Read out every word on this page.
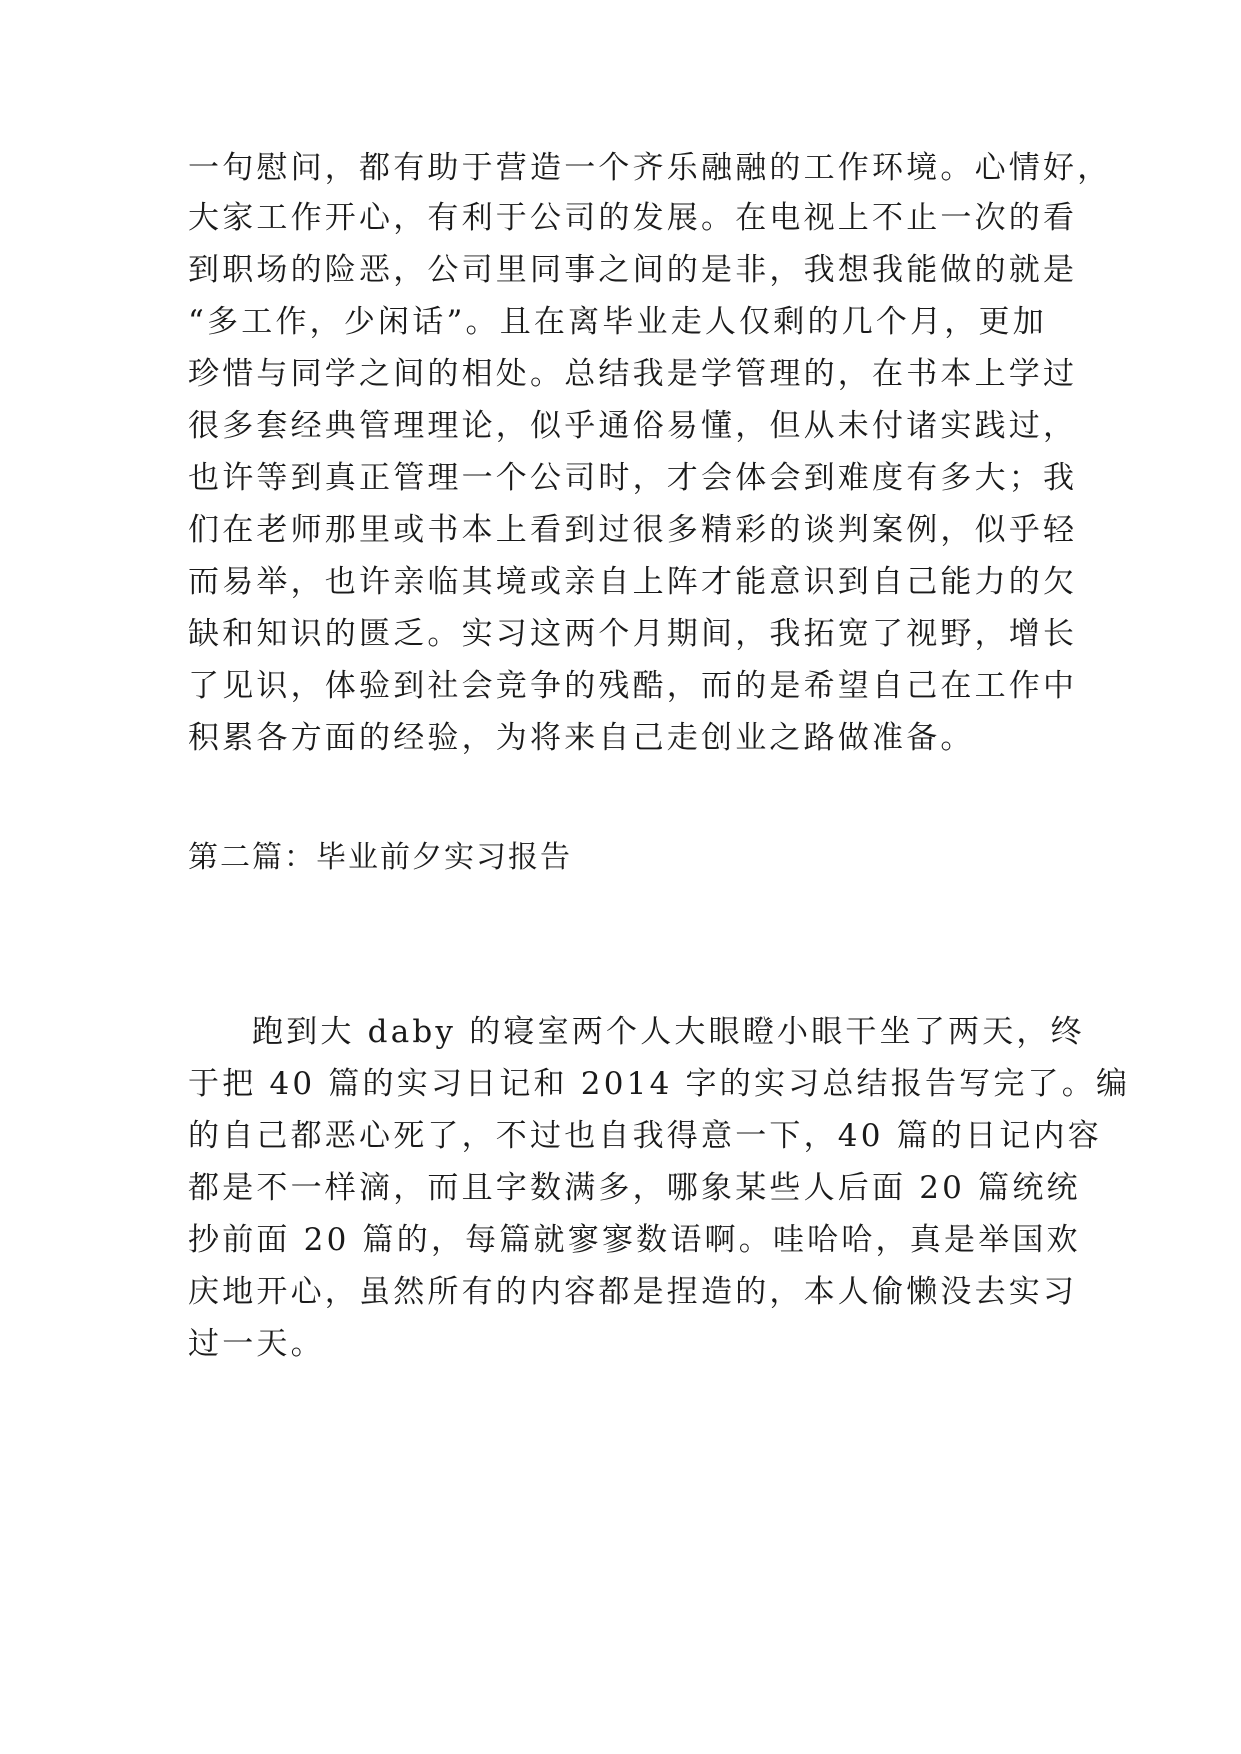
一句慰问，都有助于营造一个齐乐融融的工作环境。心情好，
大家工作开心，有利于公司的发展。在电视上不止一次的看
到职场的险恶，公司里同事之间的是非，我想我能做的就是
“多工作，少闲话”。且在离毕业走人仅剩的几个月，更加
珍惜与同学之间的相处。总结我是学管理的，在书本上学过
很多套经典管理理论，似乎通俗易懂，但从未付诸实践过，
也许等到真正管理一个公司时，才会体会到难度有多大；我
们在老师那里或书本上看到过很多精彩的谈判案例，似乎轻
而易举，也许亲临其境或亲自上阵才能意识到自己能力的欠
缺和知识的匮乏。实习这两个月期间，我拓宽了视野，增长
了见识，体验到社会竞争的残酷，而的是希望自己在工作中
积累各方面的经验，为将来自己走创业之路做准备。
第二篇：毕业前夕实习报告
跑到大 daby 的寝室两个人大眼瞪小眼干坐了两天，终
于把 40 篇的实习日记和 2014 字的实习总结报告写完了。编
的自己都恶心死了，不过也自我得意一下，40 篇的日记内容
都是不一样滴，而且字数满多，哪象某些人后面 20 篇统统
抄前面 20 篇的，每篇就寥寥数语啊。哇哈哈，真是举国欢
庆地开心，虽然所有的内容都是捏造的，本人偷懒没去实习
过一天。
